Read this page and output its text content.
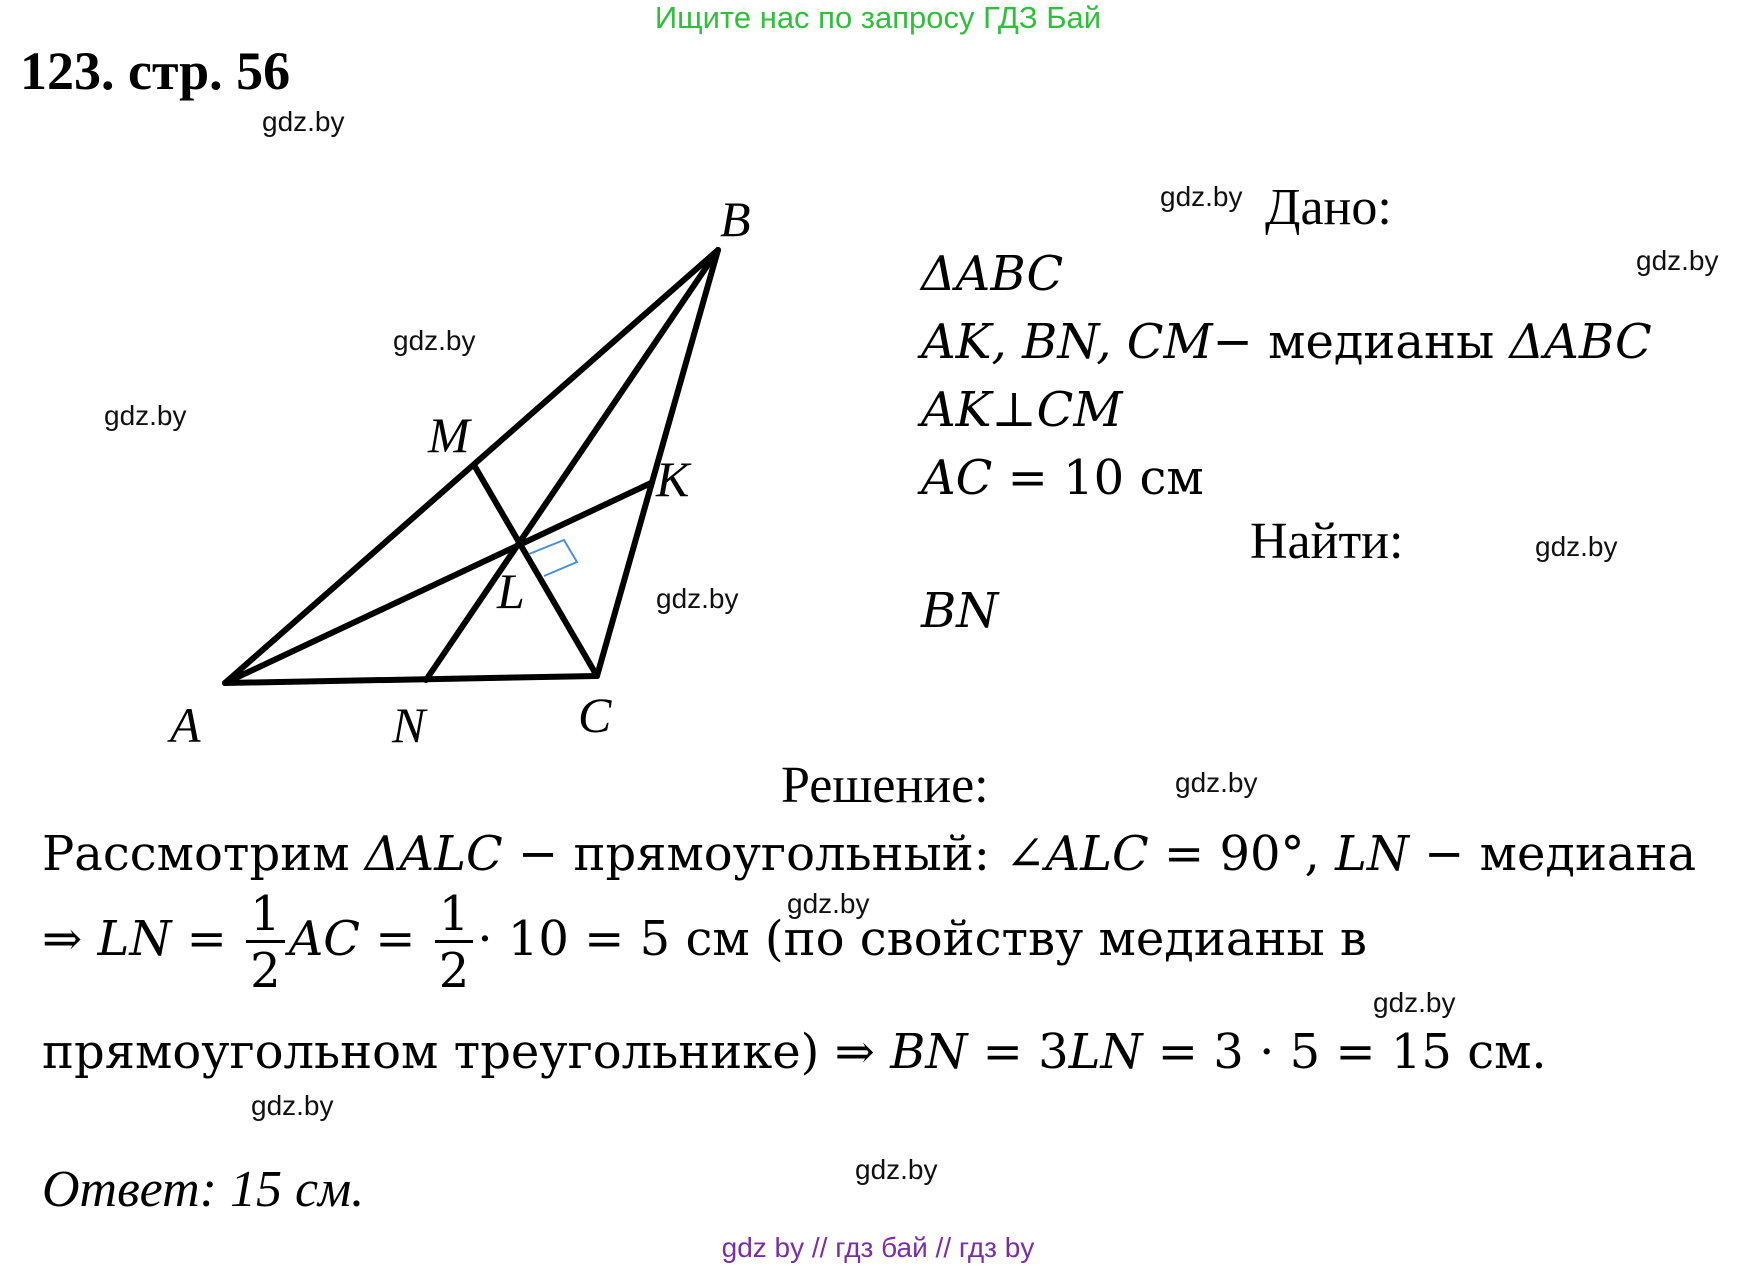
Ищите нас по запросу ГДЗ Бай
123. стр. 56
gdz.by
gdz.by
gdz.by
gdz.by
gdz.by
gdz.by
gdz.by
gdz.by
gdz.by
gdz.by
gdz.by
gdz.by
B
M
K
L
A	N	C
Дано:
ΔABC
AK, BN, CM− медианы ΔABC
AK⊥CM
AC = 10 см
Найти:
BN
Решение:
Рассмотрим ΔALC − прямоугольный: ∠ALC = 90°, LN − медиана
⇒ LN = $\frac{1}{2}$ AC = $\frac{1}{2} \cdot 10 = 5$ см (по свойству медианы в
прямоугольном треугольнике) ⇒ BN = 3LN = 3 · 5 = 15 см.
Ответ: 15 см.
gdz by // гдз бай // гдз by
